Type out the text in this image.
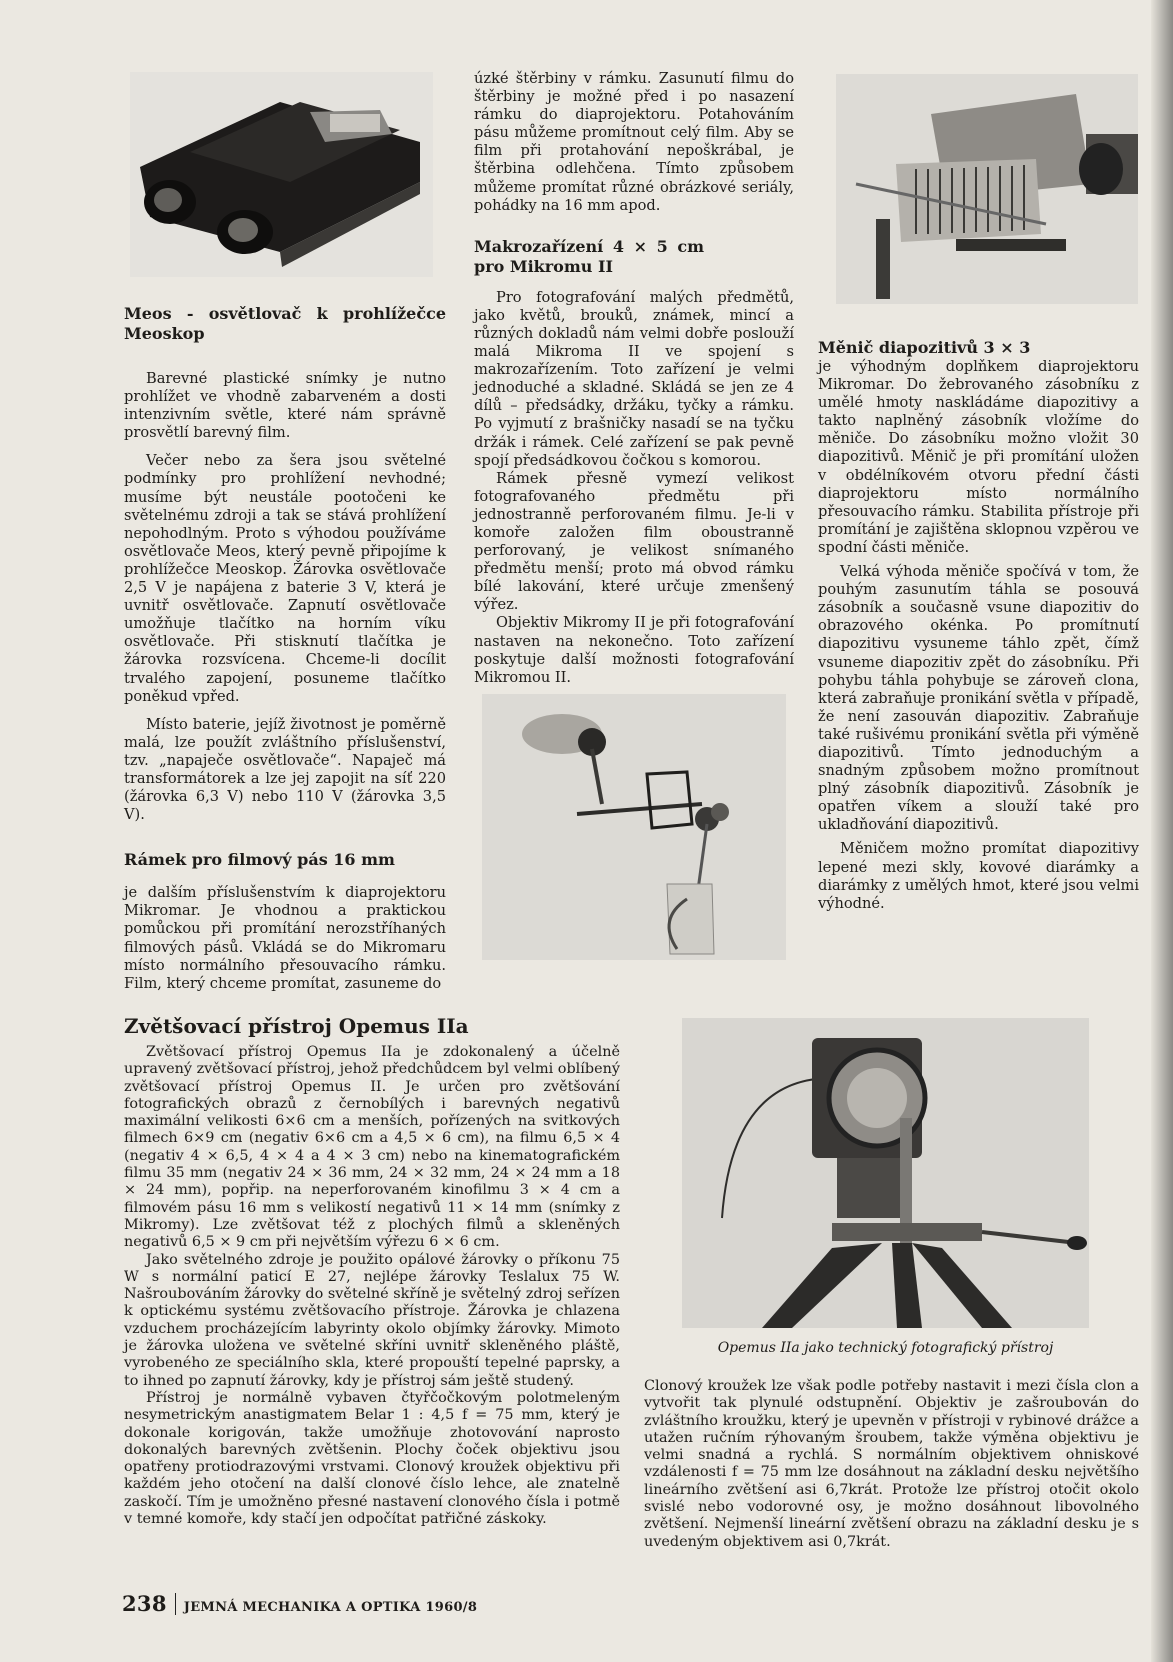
Meos - osvětlovač k prohlížečce Meoskop

Barevné plastické snímky je nutno prohlížet ve vhodně zabarveném a dosti intenzivním světle, které nám správně prosvětlí barevný film.

Večer nebo za šera jsou světelné podmínky pro prohlížení nevhodné; musíme být neustále pootočeni ke světelnému zdroji a tak se stává prohlížení nepohodlným. Proto s výhodou používáme osvětlovače Meos, který pevně připojíme k prohlížečce Meoskop. Žárovka osvětlovače 2,5 V je napájena z baterie 3 V, která je uvnitř osvětlovače. Zapnutí osvětlovače umožňuje tlačítko na horním víku osvětlovače. Při stisknutí tlačítka je žárovka rozsvícena. Chceme-li docílit trvalého zapojení, posuneme tlačítko poněkud vpřed.

Místo baterie, jejíž životnost je poměrně malá, lze použít zvláštního příslušenství, tzv. „napaječe osvětlovače“. Napaječ má transformátorek a lze jej zapojit na síť 220 (žárovka 6,3 V) nebo 110 V (žárovka 3,5 V).

Rámek pro filmový pás 16 mm

je dalším příslušenstvím k diaprojektoru Mikromar. Je vhodnou a praktickou pomůckou při promítání nerozstříhaných filmových pásů. Vkládá se do Mikromaru místo normálního přesouvacího rámku. Film, který chceme promítat, zasuneme do

úzké štěrbiny v rámku. Zasunutí filmu do štěrbiny je možné před i po nasazení rámku do diaprojektoru. Potahováním pásu můžeme promítnout celý film. Aby se film při protahování nepoškrábal, je štěrbina odlehčena. Tímto způsobem můžeme promítat různé obrázkové seriály, pohádky na 16 mm apod.

Makrozařízení 4 × 5 cm pro Mikromu II

Pro fotografování malých předmětů, jako květů, brouků, známek, mincí a různých dokladů nám velmi dobře poslouží malá Mikroma II ve spojení s makrozařízením. Toto zařízení je velmi jednoduché a skladné. Skládá se jen ze 4 dílů – předsádky, držáku, tyčky a rámku. Po vyjmutí z brašničky nasadí se na tyčku držák i rámek. Celé zařízení se pak pevně spojí předsádkovou čočkou s komorou.

Rámek přesně vymezí velikost fotografovaného předmětu při jednostranně perforovaném filmu. Je-li v komoře založen film oboustranně perforovaný, je velikost snímaného předmětu menší; proto má obvod rámku bílé lakování, které určuje zmenšený výřez.

Objektiv Mikromy II je při fotografování nastaven na nekonečno. Toto zařízení poskytuje další možnosti fotografování Mikromou II.

Měnič diapozitivů 3 × 3

je výhodným doplňkem diaprojektoru Mikromar. Do žebrovaného zásobníku z umělé hmoty naskládáme diapozitivy a takto naplněný zásobník vložíme do měniče. Do zásobníku možno vložit 30 diapozitivů. Měnič je při promítání uložen v obdélníkovém otvoru přední části diaprojektoru místo normálního přesouvacího rámku. Stabilita přístroje při promítání je zajištěna sklopnou vzpěrou ve spodní části měniče.

Velká výhoda měniče spočívá v tom, že pouhým zasunutím táhla se posouvá zásobník a současně vsune diapozitiv do obrazového okénka. Po promítnutí diapozitivu vysuneme táhlo zpět, čímž vsuneme diapozitiv zpět do zásobníku. Při pohybu táhla pohybuje se zároveň clona, která zabraňuje pronikání světla v případě, že není zasouván diapozitiv. Zabraňuje také rušivému pronikání světla při výměně diapozitivů. Tímto jednoduchým a snadným způsobem možno promítnout plný zásobník diapozitivů. Zásobník je opatřen víkem a slouží také pro ukladňování diapozitivů.

Měničem možno promítat diapozitivy lepené mezi skly, kovové diarámky a diarámky z umělých hmot, které jsou velmi výhodné.

Zvětšovací přístroj Opemus IIa

Zvětšovací přístroj Opemus IIa je zdokonalený a účelně upravený zvětšovací přístroj, jehož předchůdcem byl velmi oblíbený zvětšovací přístroj Opemus II. Je určen pro zvětšování fotografických obrazů z černobílých i barevných negativů maximální velikosti 6×6 cm a menších, pořízených na svitkových filmech 6×9 cm (negativ 6×6 cm a 4,5 × 6 cm), na filmu 6,5 × 4 (negativ 4 × 6,5, 4 × 4 a 4 × 3 cm) nebo na kinematografickém filmu 35 mm (negativ 24 × 36 mm, 24 × 32 mm, 24 × 24 mm a 18 × 24 mm), popřip. na neperforovaném kinofilmu 3 × 4 cm a filmovém pásu 16 mm s velikostí negativů 11 × 14 mm (snímky z Mikromy). Lze zvětšovat též z plochých filmů a skleněných negativů 6,5 × 9 cm při největším výřezu 6 × 6 cm.

Jako světelného zdroje je použito opálové žárovky o příkonu 75 W s normální paticí E 27, nejlépe žárovky Teslalux 75 W. Našroubováním žárovky do světelné skříně je světelný zdroj seřízen k optickému systému zvětšovacího přístroje. Žárovka je chlazena vzduchem procházejícím labyrinty okolo objímky žárovky. Mimoto je žárovka uložena ve světelné skříni uvnitř skleněného pláště, vyrobeného ze speciálního skla, které propouští tepelné paprsky, a to ihned po zapnutí žárovky, kdy je přístroj sám ještě studený.

Přístroj je normálně vybaven čtyřčočkovým polotmeleným nesymetrickým anastigmatem Belar 1 : 4,5 f = 75 mm, který je dokonale korigován, takže umožňuje zhotovování naprosto dokonalých barevných zvětšenin. Plochy čoček objektivu jsou opatřeny protiodrazovými vrstvami. Clonový kroužek objektivu při každém jeho otočení na další clonové číslo lehce, ale znatelně zaskočí. Tím je umožněno přesné nastavení clonového čísla i potmě v temné komoře, kdy stačí jen odpočítat patřičné záskoky.

Opemus IIa jako technický fotografický přístroj

Clonový kroužek lze však podle potřeby nastavit i mezi čísla clon a vytvořit tak plynulé odstupnění. Objektiv je zašroubován do zvláštního kroužku, který je upevněn v přístroji v rybinové drážce a utažen ručním rýhovaným šroubem, takže výměna objektivu je velmi snadná a rychlá. S normálním objektivem ohniskové vzdálenosti f = 75 mm lze dosáhnout na základní desku největšího lineárního zvětšení asi 6,7krát. Protože lze přístroj otočit okolo svislé nebo vodorovné osy, je možno dosáhnout libovolného zvětšení. Nejmenší lineární zvětšení obrazu na základní desku je s uvedeným objektivem asi 0,7krát.

238 JEMNÁ MECHANIKA A OPTIKA 1960/8
